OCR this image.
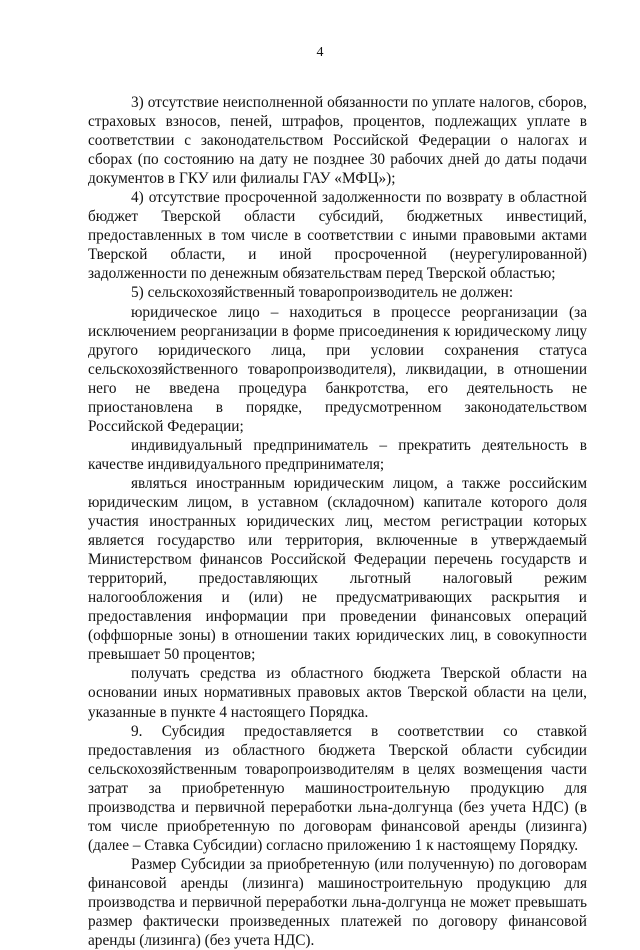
4

3) отсутствие неисполненной обязанности по уплате налогов, сборов, страховых взносов, пеней, штрафов, процентов, подлежащих уплате в соответствии с законодательством Российской Федерации о налогах и сборах (по состоянию на дату не позднее 30 рабочих дней до даты подачи документов в ГКУ или филиалы ГАУ «МФЦ»);

4) отсутствие просроченной задолженности по возврату в областной бюджет Тверской области субсидий, бюджетных инвестиций, предоставленных в том числе в соответствии с иными правовыми актами Тверской области, и иной просроченной (неурегулированной) задолженности по денежным обязательствам перед Тверской областью;

5) сельскохозяйственный товаропроизводитель не должен:

юридическое лицо – находиться в процессе реорганизации (за исключением реорганизации в форме присоединения к юридическому лицу другого юридического лица, при условии сохранения статуса сельскохозяйственного товаропроизводителя), ликвидации, в отношении него не введена процедура банкротства, его деятельность не приостановлена в порядке, предусмотренном законодательством Российской Федерации;

индивидуальный предприниматель – прекратить деятельность в качестве индивидуального предпринимателя;

являться иностранным юридическим лицом, а также российским юридическим лицом, в уставном (складочном) капитале которого доля участия иностранных юридических лиц, местом регистрации которых является государство или территория, включенные в утверждаемый Министерством финансов Российской Федерации перечень государств и территорий, предоставляющих льготный налоговый режим налогообложения и (или) не предусматривающих раскрытия и предоставления информации при проведении финансовых операций (оффшорные зоны) в отношении таких юридических лиц, в совокупности превышает 50 процентов;

получать средства из областного бюджета Тверской области на основании иных нормативных правовых актов Тверской области на цели, указанные в пункте 4 настоящего Порядка.

9. Субсидия предоставляется в соответствии со ставкой предоставления из областного бюджета Тверской области субсидии сельскохозяйственным товаропроизводителям в целях возмещения части затрат за приобретенную машиностроительную продукцию для производства и первичной переработки льна-долгунца (без учета НДС) (в том числе приобретенную по договорам финансовой аренды (лизинга) (далее – Ставка Субсидии) согласно приложению 1 к настоящему Порядку.

Размер Субсидии за приобретенную (или полученную) по договорам финансовой аренды (лизинга) машиностроительную продукцию для производства и первичной переработки льна-долгунца не может превышать размер фактически произведенных платежей по договору финансовой аренды (лизинга) (без учета НДС).
